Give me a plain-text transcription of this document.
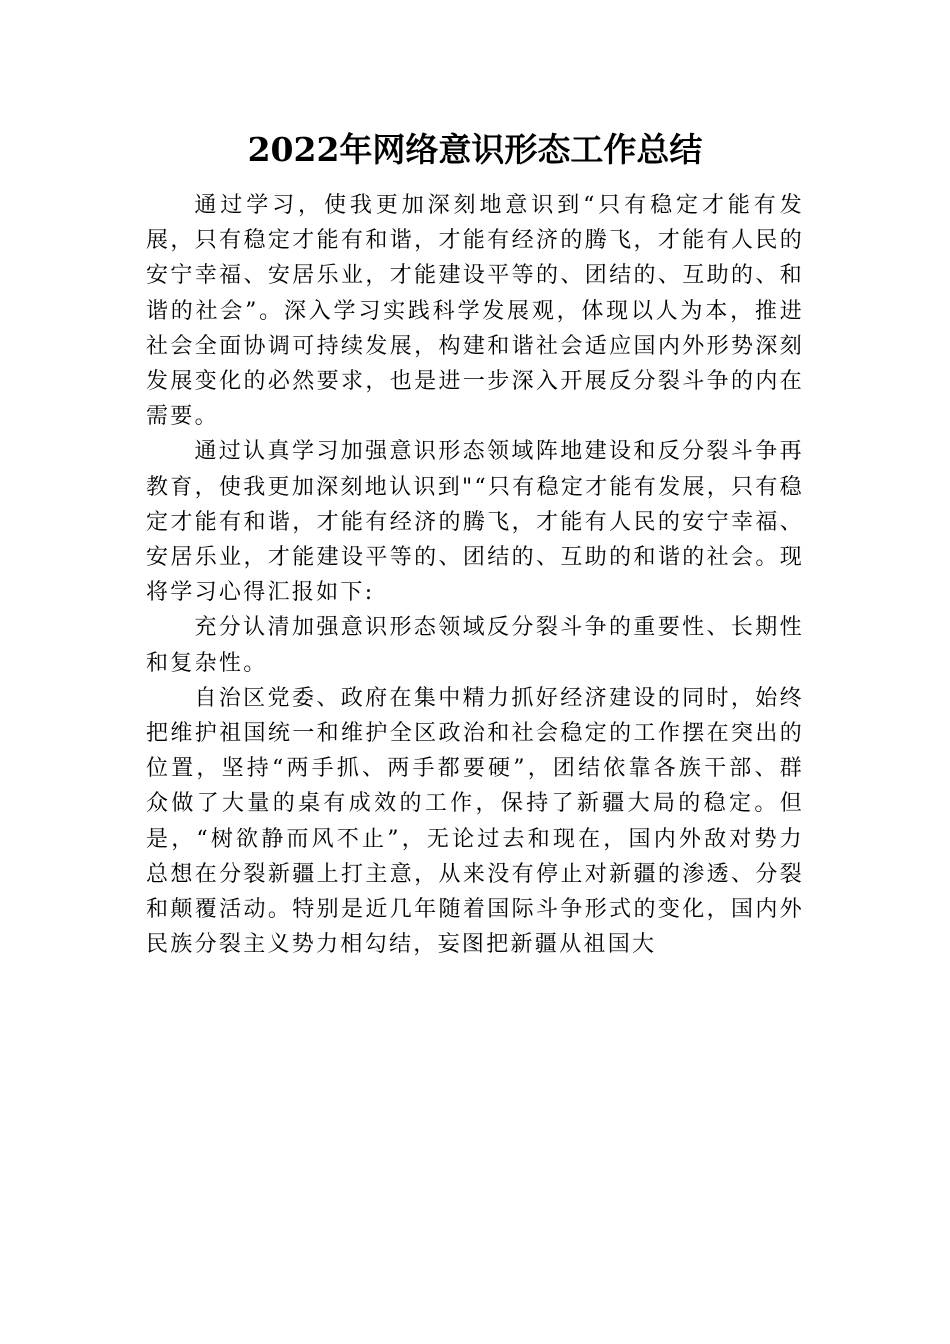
2022年网络意识形态工作总结

通过学习，使我更加深刻地意识到“只有稳定才能有发展，只有稳定才能有和谐，才能有经济的腾飞，才能有人民的安宁幸福、安居乐业，才能建设平等的、团结的、互助的、和谐的社会”。深入学习实践科学发展观，体现以人为本，推进社会全面协调可持续发展，构建和谐社会适应国内外形势深刻发展变化的必然要求，也是进一步深入开展反分裂斗争的内在需要。

通过认真学习加强意识形态领域阵地建设和反分裂斗争再教育，使我更加深刻地认识到"“只有稳定才能有发展，只有稳定才能有和谐，才能有经济的腾飞，才能有人民的安宁幸福、安居乐业，才能建设平等的、团结的、互助的和谐的社会。现将学习心得汇报如下:

充分认清加强意识形态领域反分裂斗争的重要性、长期性和复杂性。

自治区党委、政府在集中精力抓好经济建设的同时，始终把维护祖国统一和维护全区政治和社会稳定的工作摆在突出的位置，坚持“两手抓、两手都要硬”，团结依靠各族干部、群众做了大量的桌有成效的工作，保持了新疆大局的稳定。但是，“树欲静而风不止”，无论过去和现在，国内外敌对势力总想在分裂新疆上打主意，从来没有停止对新疆的渗透、分裂和颠覆活动。特别是近几年随着国际斗争形式的变化，国内外民族分裂主义势力相勾结，妄图把新疆从祖国大
